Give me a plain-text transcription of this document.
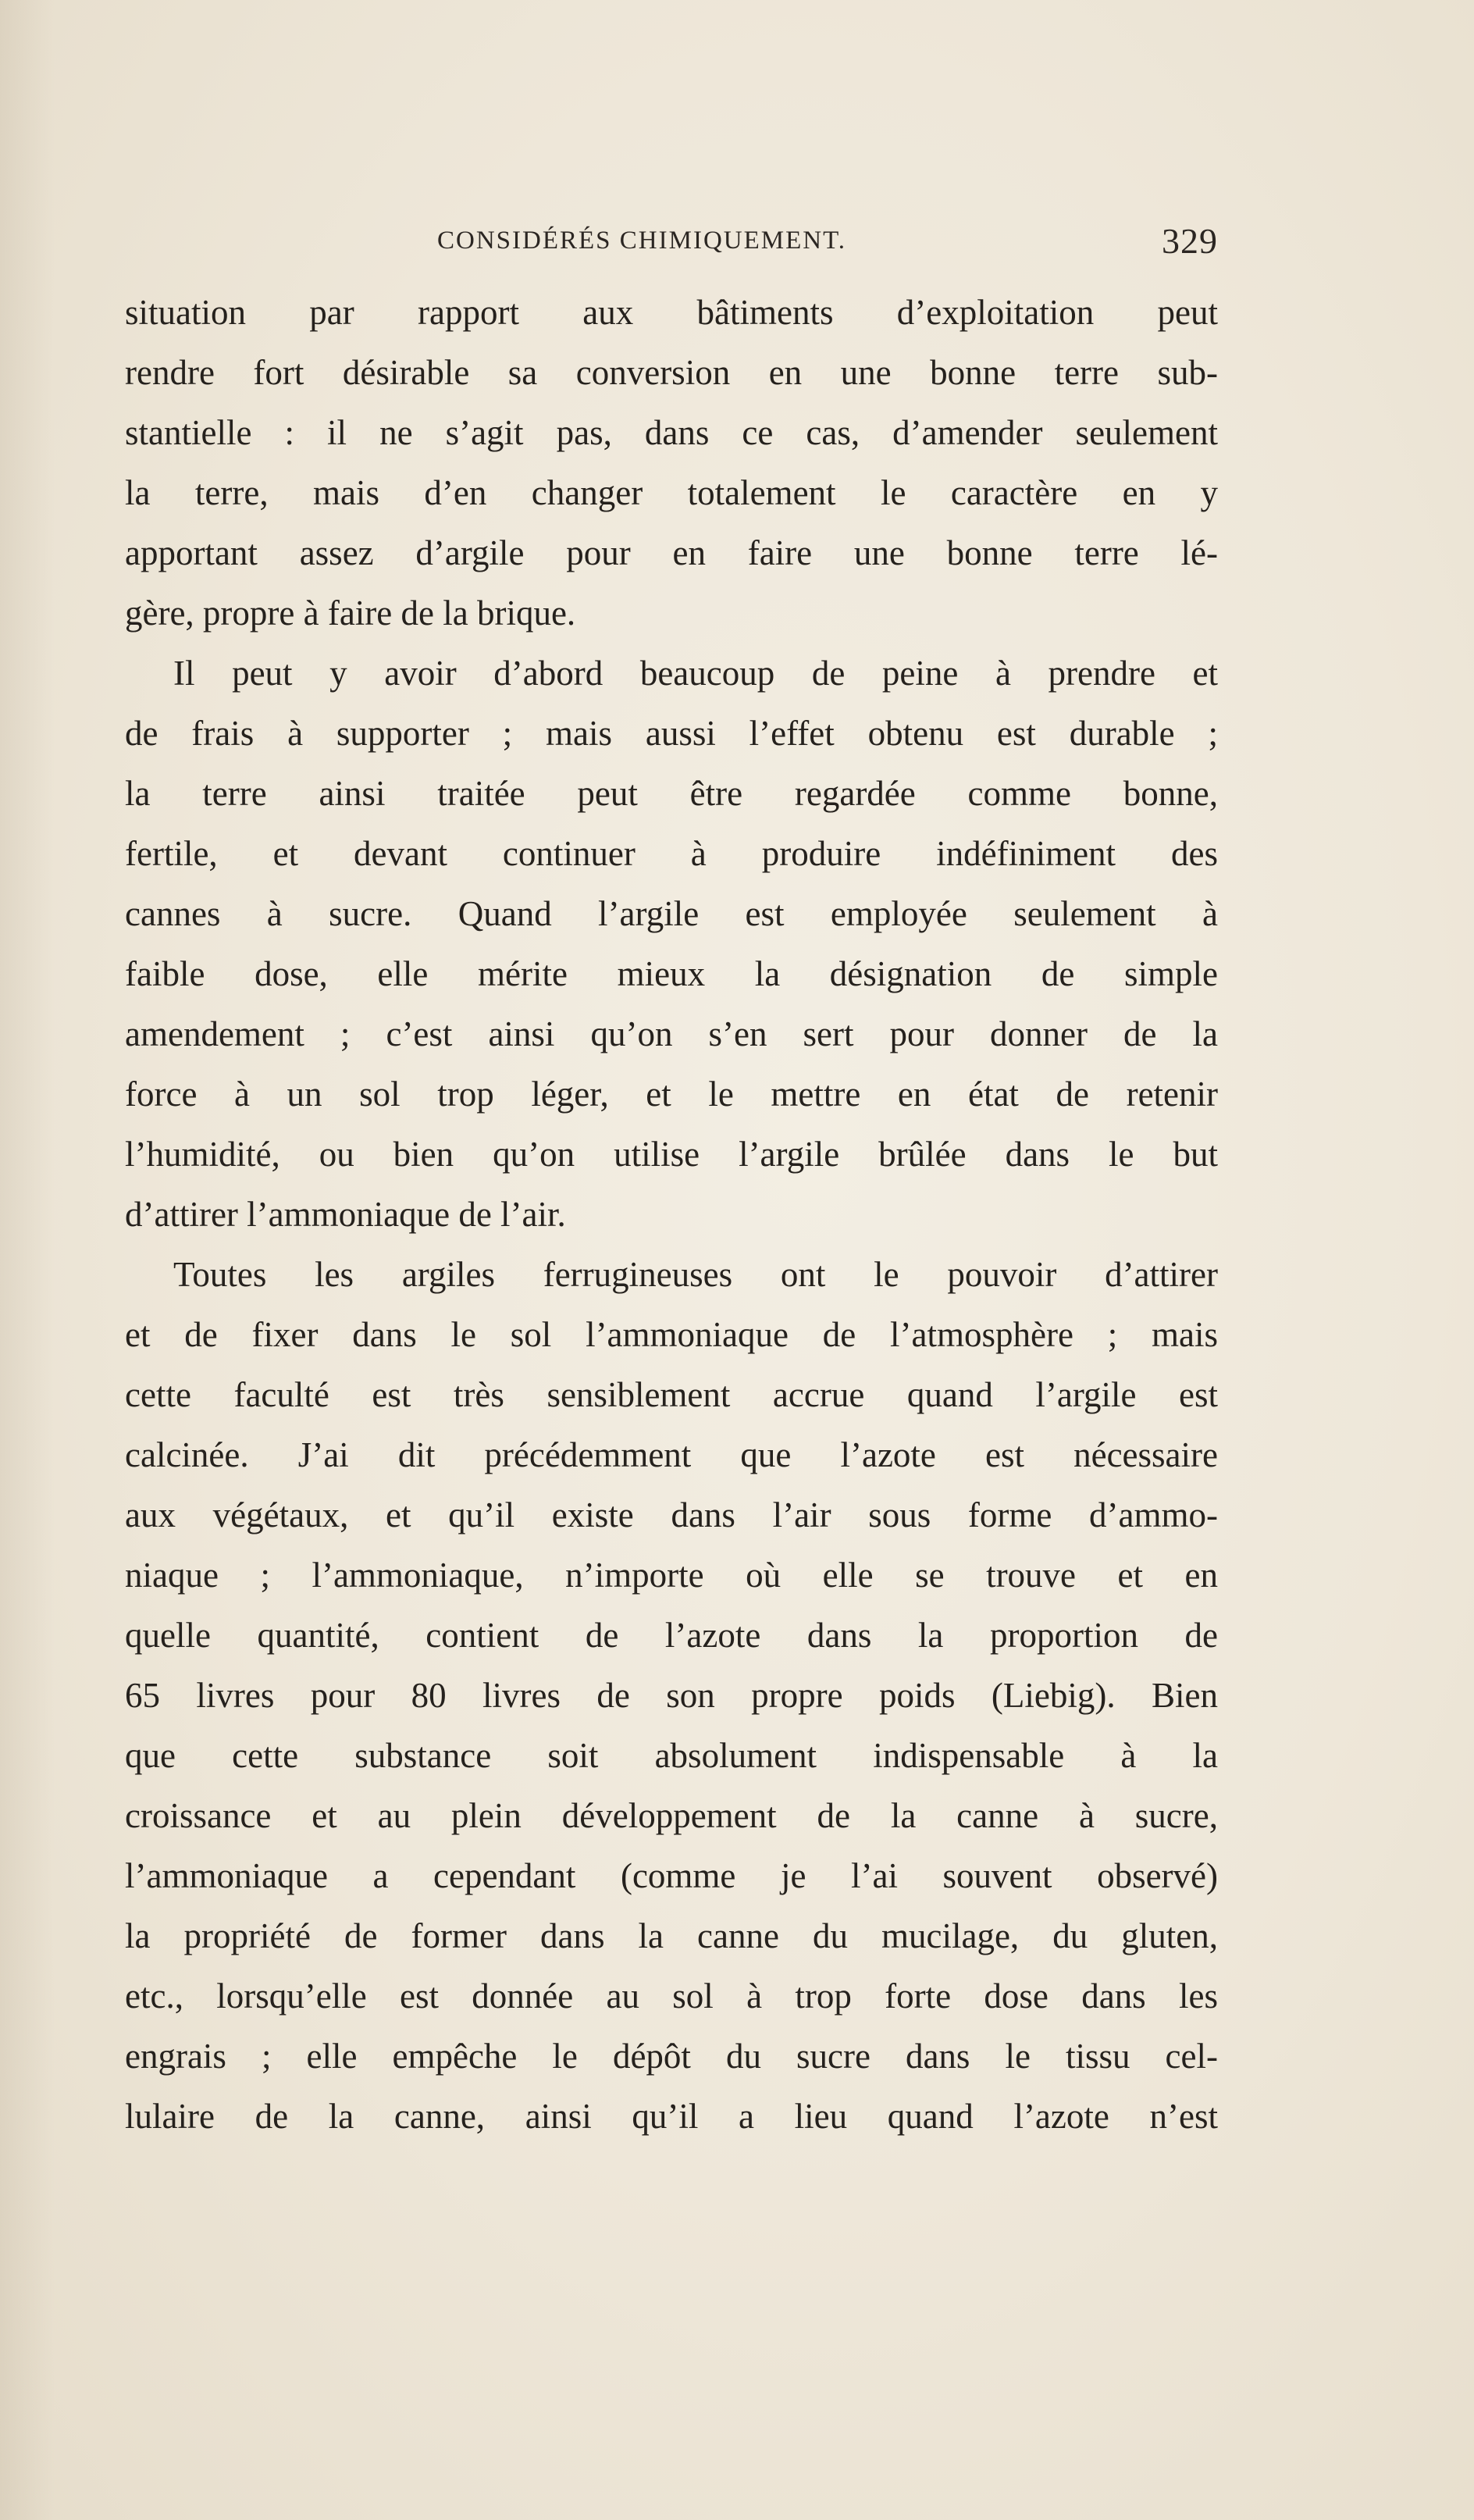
CONSIDÉRÉS CHIMIQUEMENT.	329
situation par rapport aux bâtiments d’exploitation peut
rendre fort désirable sa conversion en une bonne terre sub-
stantielle : il ne s’agit pas, dans ce cas, d’amender seulement
la terre, mais d’en changer totalement le caractère en y
apportant assez d’argile pour en faire une bonne terre lé-
gère, propre à faire de la brique.
Il peut y avoir d’abord beaucoup de peine à prendre et
de frais à supporter ; mais aussi l’effet obtenu est durable ;
la terre ainsi traitée peut être regardée comme bonne,
fertile, et devant continuer à produire indéfiniment des
cannes à sucre. Quand l’argile est employée seulement à
faible dose, elle mérite mieux la désignation de simple
amendement ; c’est ainsi qu’on s’en sert pour donner de la
force à un sol trop léger, et le mettre en état de retenir
l’humidité, ou bien qu’on utilise l’argile brûlée dans le but
d’attirer l’ammoniaque de l’air.
Toutes les argiles ferrugineuses ont le pouvoir d’attirer
et de fixer dans le sol l’ammoniaque de l’atmosphère ; mais
cette faculté est très sensiblement accrue quand l’argile est
calcinée. J’ai dit précédemment que l’azote est nécessaire
aux végétaux, et qu’il existe dans l’air sous forme d’ammo-
niaque ; l’ammoniaque, n’importe où elle se trouve et en
quelle quantité, contient de l’azote dans la proportion de
65 livres pour 80 livres de son propre poids (Liebig). Bien
que cette substance soit absolument indispensable à la
croissance et au plein développement de la canne à sucre,
l’ammoniaque a cependant (comme je l’ai souvent observé)
la propriété de former dans la canne du mucilage, du gluten,
etc., lorsqu’elle est donnée au sol à trop forte dose dans les
engrais ; elle empêche le dépôt du sucre dans le tissu cel-
lulaire de la canne, ainsi qu’il a lieu quand l’azote n’est
